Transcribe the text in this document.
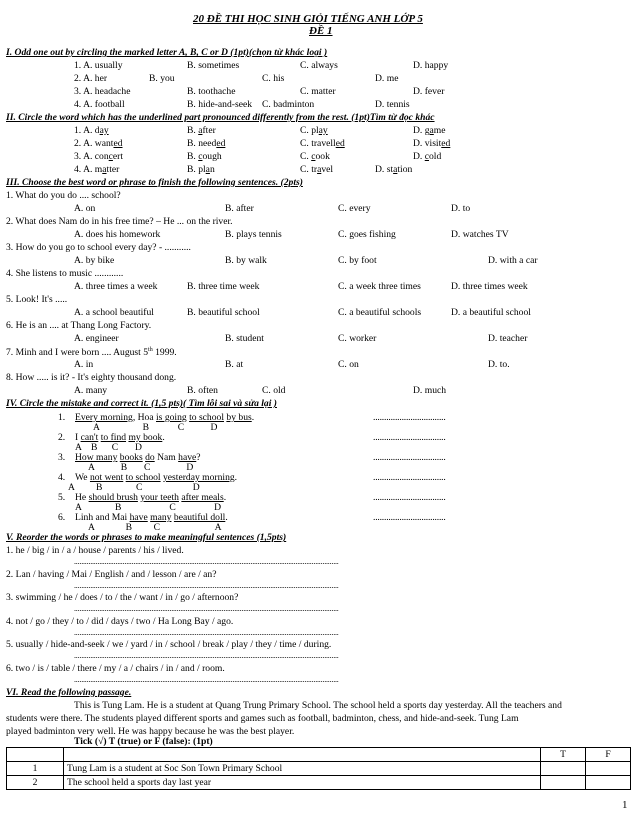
20 ĐỀ THI HỌC SINH GIỎI TIẾNG ANH LỚP 5
ĐỀ 1
I. Odd one out by circling the marked letter A, B, C or D (1pt)(chọn từ khác loại )
1. A. usually	B. sometimes	C. always	D. happy
2. A. her	B. you	C. his	D. me
3. A. headache	B. toothache	C. matter	D. fever
4. A. football	B. hide-and-seek C. badminton	D. tennis
II. Circle the word which has the underlined part pronounced differently from the rest. (1pt)Tìm từ đọc khác
1. A. day	B. after	C. play	D. game
2. A. wanted	B. needed	C. travelled	D. visited
3. A. concert	B. cough	C. cook	D. cold
4. A. matter	B. plan	C. travel	D. station
III. Choose the best word or phrase to finish the following sentences. (2pts)
1. What do you do .... school?
A. on	B. after	C. every	D. to
2. What does Nam do in his free time? – He ... on the river.
A. does his homework	B. plays tennis	C. goes fishing	D. watches TV
3. How do you go to school every day? - ...........
A. by bike	B. by walk	C. by foot	D. with a car
4. She listens to music ............
A. three times a week	B. three time week	C. a week three times	D. three times week
5. Look! It's .....
A. a school beautiful	B. beautiful school	C. a beautiful schools	D. a beautiful school
6. He is an .... at Thang Long Factory.
A. engineer	B. student	C. worker	D. teacher
7. Minh and I were born .... August 5th 1999.
A. in	B. at	C. on	D. to.
8. How ..... is it? - It's eighty thousand dong.
A. many	B. often	C. old	D. much
IV. Circle the mistake and correct it. (1,5 pts)( Tìm lỗi sai và sửa lại )
1. Every morning, Hoa is going to school by bus.	.................................
A                  B            C           D
2. I can't to find my book.	.................................
A    B      C       D
3. How many books do Nam have?	.................................
A           B       C               D
4. We not went to school yesterday morning.	.................................
A         B              C                     D
5. He should brush your teeth after meals.	.................................
A              B                    C                D
6. Linh and Mai have many beautiful doll.	.................................
A             B         C                       A
V. Reorder the words or phrases to make meaningful sentences (1,5pts)
1. he / big / in / a / house / parents / his / lived.
...................................................................................................................................................
2. Lan / having / Mai / English / and / lesson / are / an?
...................................................................................................................................................
3. swimming / he / does / to / the / want / in / go / afternoon?
...................................................................................................................................................
4. not / go / they / to / did / days / two / Ha Long Bay / ago.
...................................................................................................................................................
5. usually / hide-and-seek / we / yard / in / school / break / play / they / time / during.
...................................................................................................................................................
6. two / is / table / there / my / a / chairs / in / and / room.
...................................................................................................................................................
VI. Read the following passage.
This is Tung Lam. He is a student at Quang Trung Primary School. The school held a sports day yesterday. All the teachers and
students were there. The students played different sports and games such as football, badminton, chess, and hide-and-seek. Tung Lam
played badminton very well. He was happy because he was the best player.
Tick (√) T (true) or F (false): (1pt)
		T	F
1	Tung Lam is a student at Soc Son Town Primary School		
2	The school held a sports day last year		
1
